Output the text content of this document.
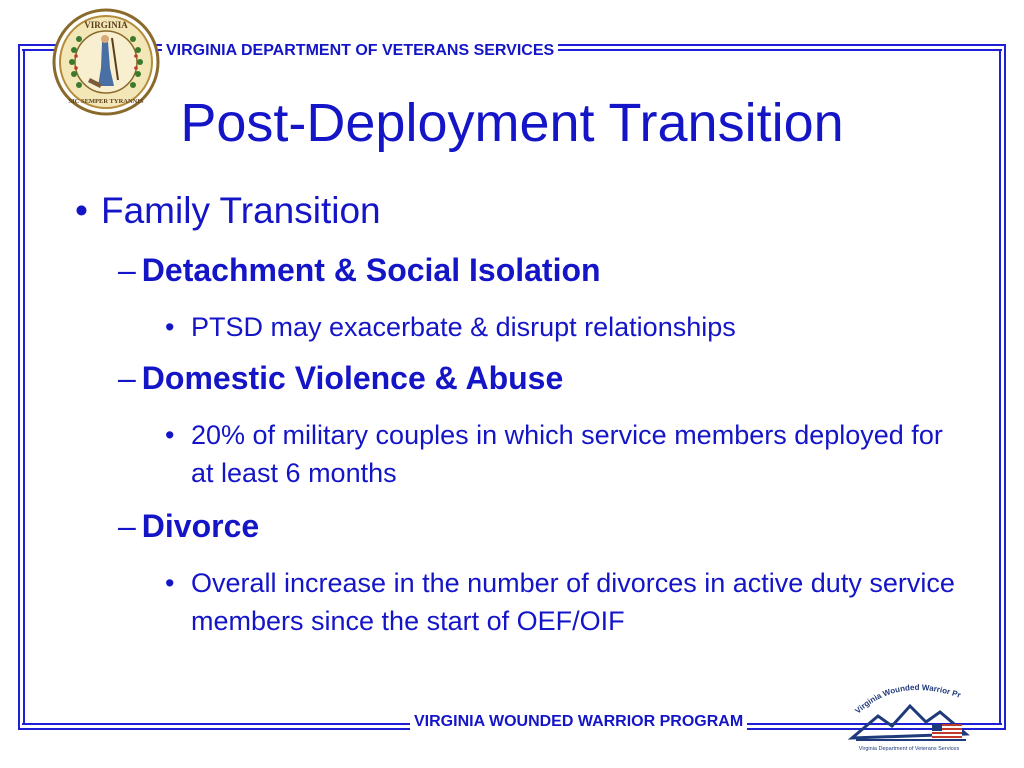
VIRGINIA
SIC SEMPER TYRANNIS
VIRGINIA DEPARTMENT OF VETERANS SERVICES
Post-Deployment Transition
• Family Transition
– Detachment & Social Isolation
• PTSD may exacerbate & disrupt relationships
– Domestic Violence & Abuse
• 20% of military couples in which service members deployed for at least 6 months
– Divorce
• Overall increase in the number of divorces in active duty service members since the start of OEF/OIF
VIRGINIA WOUNDED WARRIOR PROGRAM
Virginia Wounded Warrior Pr
Virginia Department of Veterans Services
